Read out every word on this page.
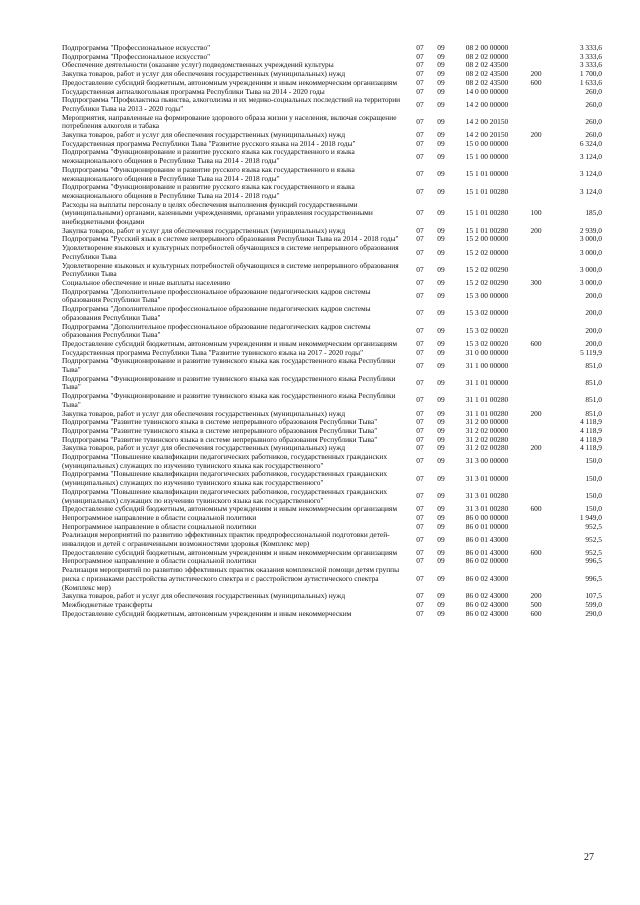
Подпрограмма "Профессиональное искусство"	07	09	08 2 00 00000		3 333,6
Подпрограмма "Профессиональное искусство"	07	09	08 2 02 00000		3 333,6
Обеспечение деятельности (оказание услуг) подведомственных учреждений культуры	07	09	08 2 02 43500		3 333,6
Закупка товаров, работ и услуг для обеспечения государственных (муниципальных) нужд	07	09	08 2 02 43500	200	1 700,0
Предоставление субсидий бюджетным, автономным учреждениям и иным некоммерческим организациям	07	09	08 2 02 43500	600	1 633,6
Государственная антиалкогольная программа Республики Тыва на 2014 - 2020 годы	07	09	14 0 00 00000		260,0
Подпрограмма "Профилактика пьянства, алкоголизма и их медико-социальных последствий на территории Республики Тыва на 2013 - 2020 годы"	07	09	14 2 00 00000		260,0
Мероприятия, направленные на формирование здорового образа жизни у населения, включая сокращение потребления алкоголя и табака	07	09	14 2 00 20150		260,0
Закупка товаров, работ и услуг для обеспечения государственных (муниципальных) нужд	07	09	14 2 00 20150	200	260,0
Государственная программа Республики Тыва "Развитие русского языка на 2014 - 2018 годы"	07	09	15 0 00 00000		6 324,0
Подпрограмма "Функционирование и развитие русского языка как государственного и языка межнационального общения в Республике Тыва на 2014 - 2018 годы"	07	09	15 1 00 00000		3 124,0
Подпрограмма "Функционирование и развитие русского языка как государственного и языка межнационального общения в Республике Тыва на 2014 - 2018 годы"	07	09	15 1 01 00000		3 124,0
Подпрограмма "Функционирование и развитие русского языка как государственного и языка межнационального общения в Республике Тыва на 2014 - 2018 годы"	07	09	15 1 01 00280		3 124,0
Расходы на выплаты персоналу в целях обеспечения выполнения функций государственными (муниципальными) органами, казенными учреждениями, органами управления государственными внебюджетными фондами	07	09	15 1 01 00280	100	185,0
Закупка товаров, работ и услуг для обеспечения государственных (муниципальных) нужд	07	09	15 1 01 00280	200	2 939,0
Подпрограмма "Русский язык в системе непрерывного образования Республики Тыва на 2014 - 2018 годы"	07	09	15 2 00 00000		3 000,0
Удовлетворение языковых и культурных потребностей обучающихся в системе непрерывного образования Республики Тыва	07	09	15 2 02 00000		3 000,0
Удовлетворение языковых и культурных потребностей обучающихся в системе непрерывного образования Республики Тыва	07	09	15 2 02 00290		3 000,0
Социальное обеспечение и иные выплаты населению	07	09	15 2 02 00290	300	3 000,0
Подпрограмма "Дополнительное профессиональное образование педагогических кадров системы образования Республики Тыва"	07	09	15 3 00 00000		200,0
Подпрограмма "Дополнительное профессиональное образование педагогических кадров системы образования Республики Тыва"	07	09	15 3 02 00000		200,0
Подпрограмма "Дополнительное профессиональное образование педагогических кадров системы образования Республики Тыва"	07	09	15 3 02 00020		200,0
Предоставление субсидий бюджетным, автономным учреждениям и иным некоммерческим организациям	07	09	15 3 02 00020	600	200,0
Государственная программа Республики Тыва "Развитие тувинского языка на 2017 - 2020 годы"	07	09	31 0 00 00000		5 119,9
Подпрограмма "Функционирование и развитие тувинского языка как государственного языка Республики Тыва"	07	09	31 1 00 00000		851,0
Подпрограмма "Функционирование и развитие тувинского языка как государственного языка Республики Тыва"	07	09	31 1 01 00000		851,0
Подпрограмма "Функционирование и развитие тувинского языка как государственного языка Республики Тыва"	07	09	31 1 01 00280		851,0
Закупка товаров, работ и услуг для обеспечения государственных (муниципальных) нужд	07	09	31 1 01 00280	200	851,0
Подпрограмма "Развитие тувинского языка в системе непрерывного образования Республики Тыва"	07	09	31 2 00 00000		4 118,9
Подпрограмма "Развитие тувинского языка в системе непрерывного образования Республики Тыва"	07	09	31 2 02 00000		4 118,9
Подпрограмма "Развитие тувинского языка в системе непрерывного образования Республики Тыва"	07	09	31 2 02 00280		4 118,9
Закупка товаров, работ и услуг для обеспечения государственных (муниципальных) нужд	07	09	31 2 02 00280	200	4 118,9
Подпрограмма "Повышение квалификации педагогических работников, государственных гражданских (муниципальных) служащих по изучению тувинского языка как государственного"	07	09	31 3 00 00000		150,0
Подпрограмма "Повышение квалификации педагогических работников, государственных гражданских (муниципальных) служащих по изучению тувинского языка как государственного"	07	09	31 3 01 00000		150,0
Подпрограмма "Повышение квалификации педагогических работников, государственных гражданских (муниципальных) служащих по изучению тувинского языка как государственного"	07	09	31 3 01 00280		150,0
Предоставление субсидий бюджетным, автономным учреждениям и иным некоммерческим организациям	07	09	31 3 01 00280	600	150,0
Непрограммное направление в области социальной политики	07	09	86 0 00 00000		1 949,0
Непрограммное направление в области социальной политики	07	09	86 0 01 00000		952,5
Реализация мероприятий по развитию эффективных практик предпрофессиональной подготовки детей-инвалидов и детей с ограниченными возможностями здоровья (Комплекс мер)	07	09	86 0 01 43000		952,5
Предоставление субсидий бюджетным, автономным учреждениям и иным некоммерческим организациям	07	09	86 0 01 43000	600	952,5
Непрограммное направление в области социальной политики	07	09	86 0 02 00000		996,5
Реализация мероприятий по развитию эффективных практик оказания комплексной помощи детям группы риска с признаками расстройства аутистического спектра и с расстройством аутистического спектра (Комплекс мер)	07	09	86 0 02 43000		996,5
Закупка товаров, работ и услуг для обеспечения государственных (муниципальных) нужд	07	09	86 0 02 43000	200	107,5
Межбюджетные трансферты	07	09	86 0 02 43000	500	599,0
Предоставление субсидий бюджетным, автономным учреждениям и иным некоммерческим	07	09	86 0 02 43000	600	290,0
27
